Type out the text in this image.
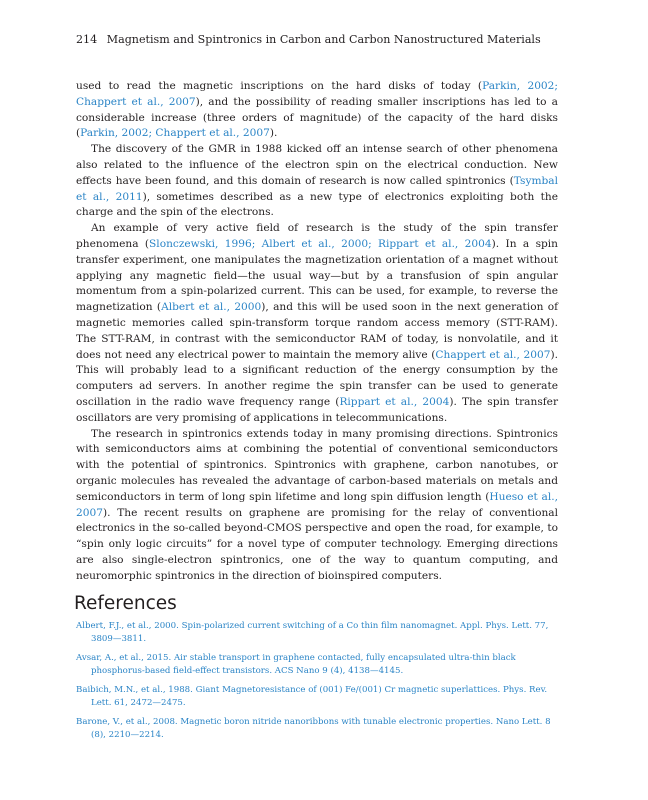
214 Magnetism and Spintronics in Carbon and Carbon Nanostructured Materials

used to read the magnetic inscriptions on the hard disks of today (Parkin, 2002; Chappert et al., 2007), and the possibility of reading smaller inscriptions has led to a considerable increase (three orders of magnitude) of the capacity of the hard disks (Parkin, 2002; Chappert et al., 2007).

The discovery of the GMR in 1988 kicked off an intense search of other phenomena also related to the influence of the electron spin on the electrical conduction. New effects have been found, and this domain of research is now called spintronics (Tsymbal et al., 2011), sometimes described as a new type of electronics exploiting both the charge and the spin of the electrons.

An example of very active field of research is the study of the spin transfer phenomena (Slonczewski, 1996; Albert et al., 2000; Rippart et al., 2004). In a spin transfer experiment, one manipulates the magnetization orientation of a magnet without applying any magnetic field—the usual way—but by a transfusion of spin angular momentum from a spin-polarized current. This can be used, for example, to reverse the magnetization (Albert et al., 2000), and this will be used soon in the next generation of magnetic memories called spin-transform torque random access memory (STT-RAM). The STT-RAM, in contrast with the semiconductor RAM of today, is nonvolatile, and it does not need any electrical power to maintain the memory alive (Chappert et al., 2007). This will probably lead to a significant reduction of the energy consumption by the computers ad servers. In another regime the spin transfer can be used to generate oscillation in the radio wave frequency range (Rippart et al., 2004). The spin transfer oscillators are very promising of applications in telecommunications.

The research in spintronics extends today in many promising directions. Spintronics with semiconductors aims at combining the potential of conventional semiconductors with the potential of spintronics. Spintronics with graphene, carbon nanotubes, or organic molecules has revealed the advantage of carbon-based materials on metals and semiconductors in term of long spin lifetime and long spin diffusion length (Hueso et al., 2007). The recent results on graphene are promising for the relay of conventional electronics in the so-called beyond-CMOS perspective and open the road, for example, to “spin only logic circuits” for a novel type of computer technology. Emerging directions are also single-electron spintronics, one of the way to quantum computing, and neuromorphic spintronics in the direction of bioinspired computers.

References
Albert, F.J., et al., 2000. Spin-polarized current switching of a Co thin film nanomagnet. Appl. Phys. Lett. 77, 3809—3811.
Avsar, A., et al., 2015. Air stable transport in graphene contacted, fully encapsulated ultra-thin black phosphorus-based field-effect transistors. ACS Nano 9 (4), 4138—4145.
Baibich, M.N., et al., 1988. Giant Magnetoresistance of (001) Fe/(001) Cr magnetic superlattices. Phys. Rev. Lett. 61, 2472—2475.
Barone, V., et al., 2008. Magnetic boron nitride nanoribbons with tunable electronic properties. Nano Lett. 8 (8), 2210—2214.
